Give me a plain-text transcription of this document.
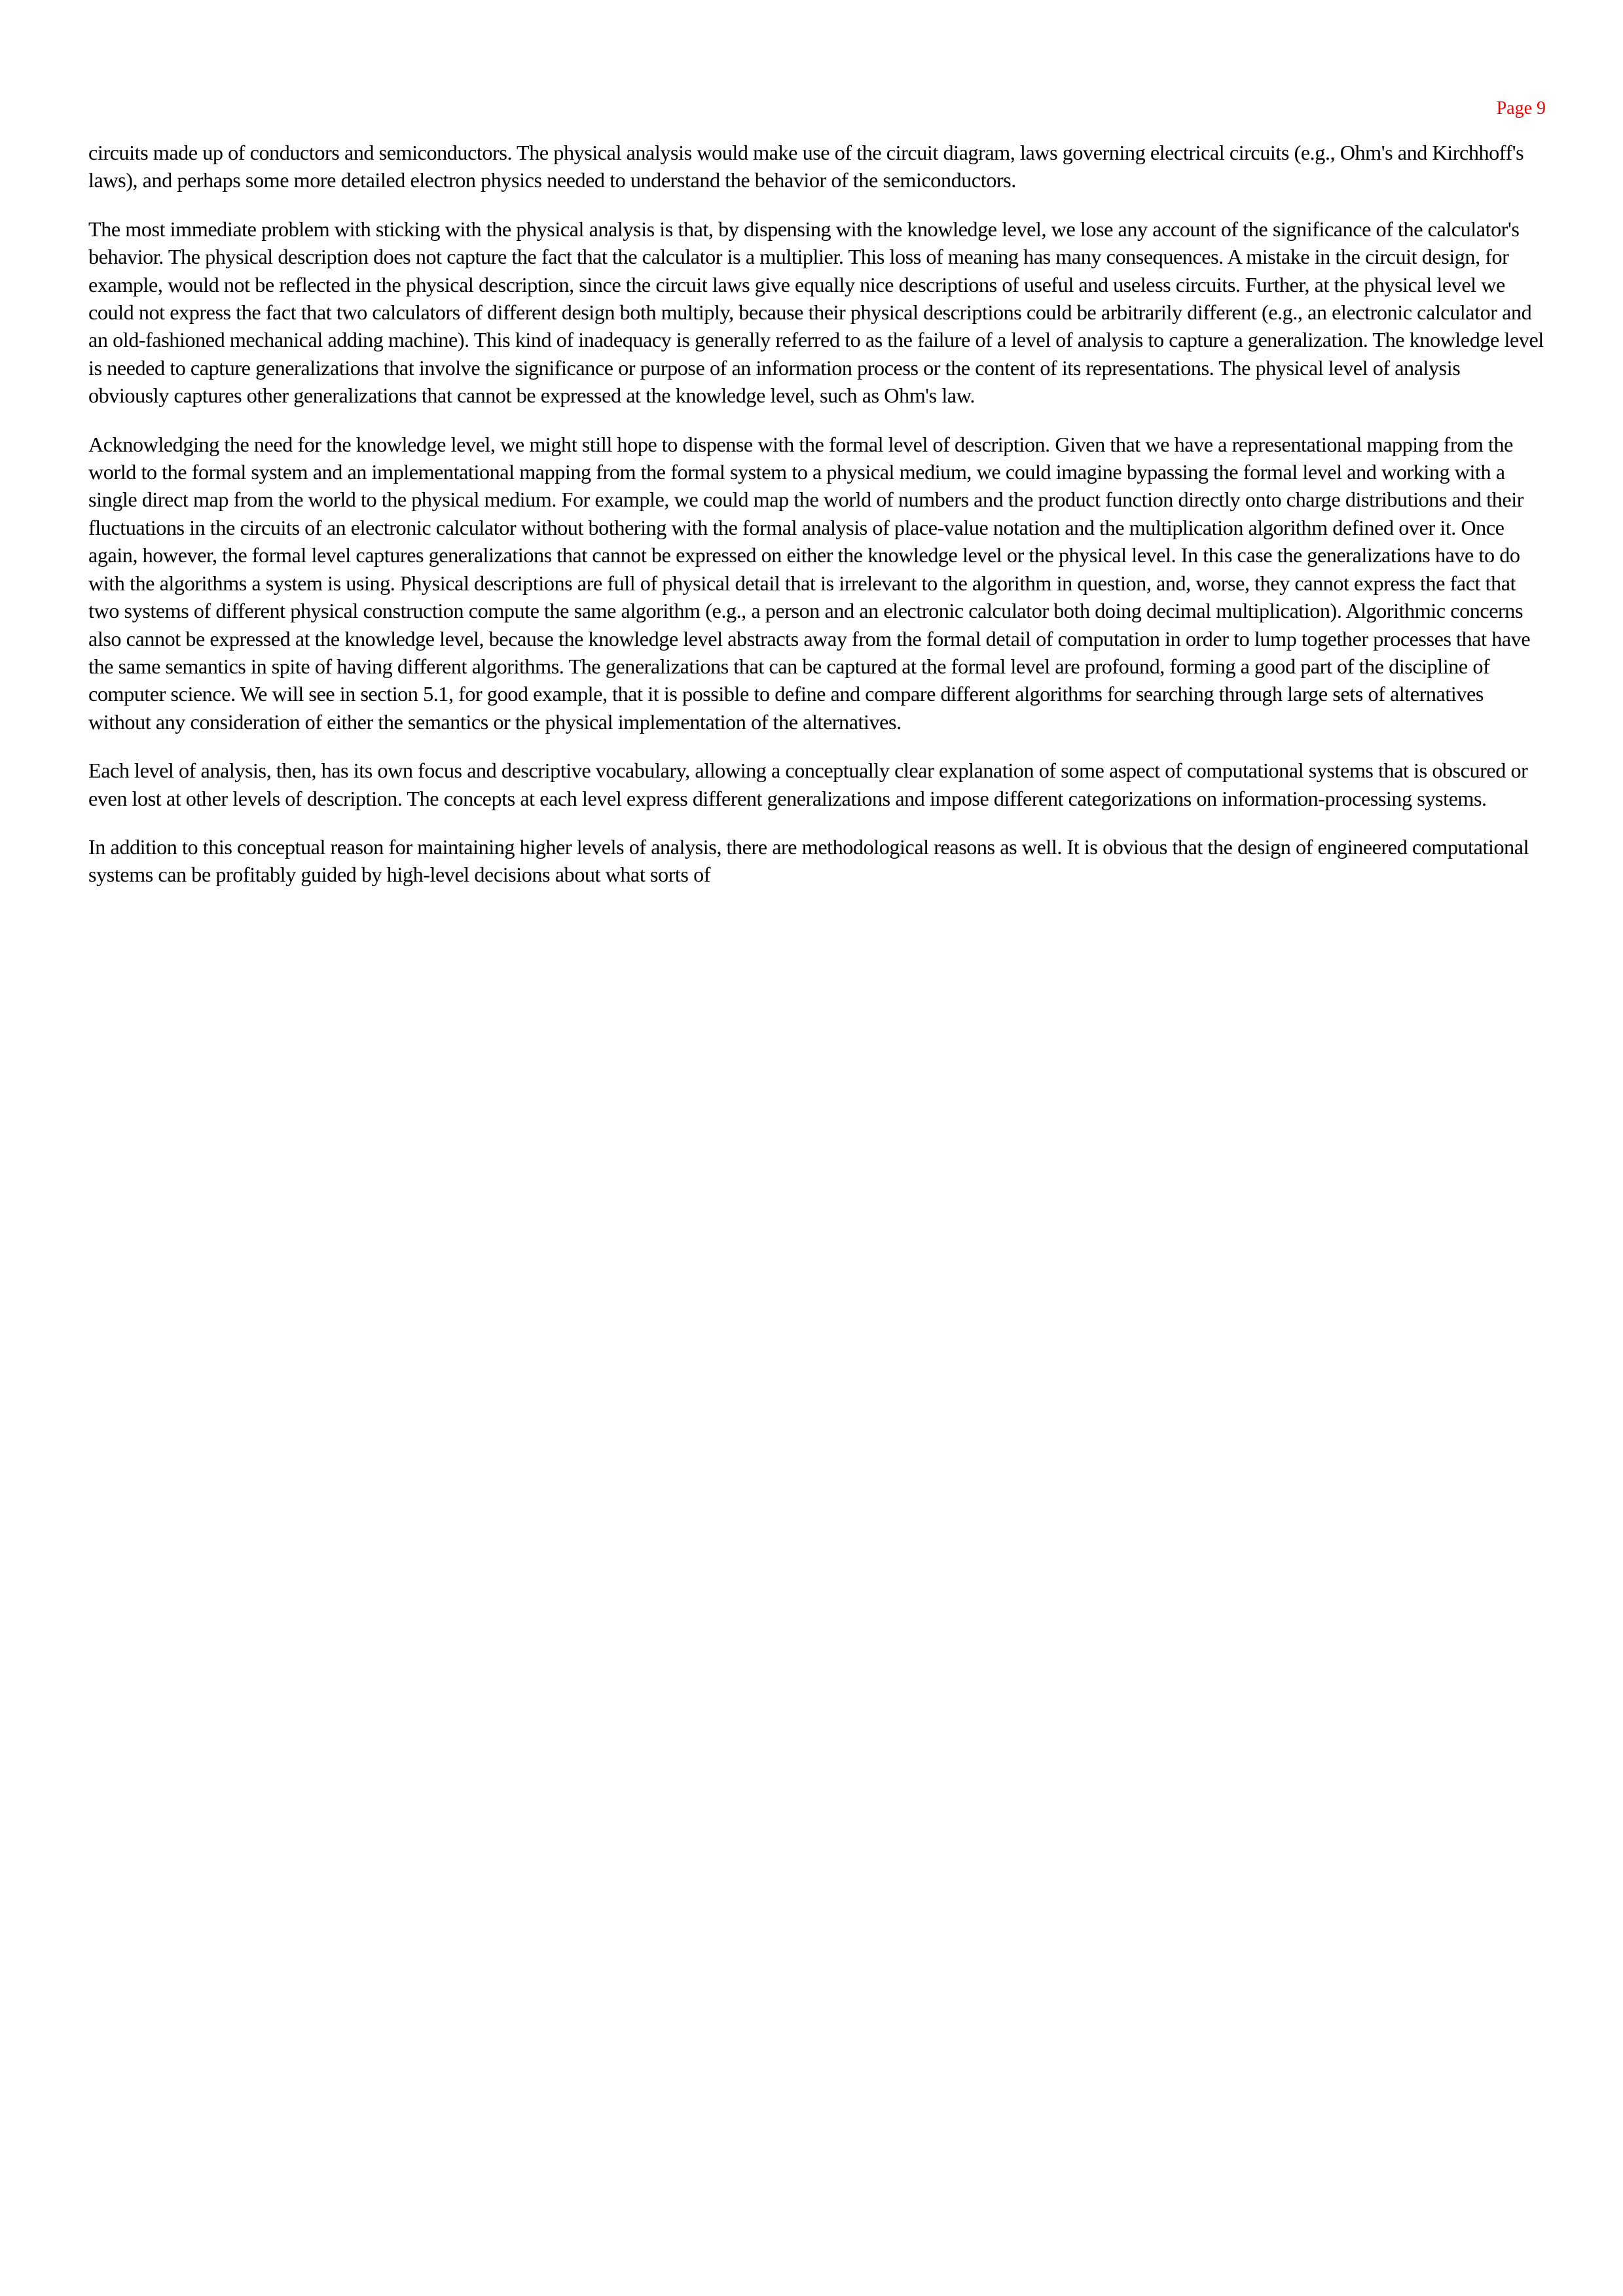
Page 9

circuits made up of conductors and semiconductors. The physical analysis would make use of the circuit diagram, laws governing electrical circuits (e.g., Ohm's and Kirchhoff's laws), and perhaps some more detailed electron physics needed to understand the behavior of the semiconductors.

The most immediate problem with sticking with the physical analysis is that, by dispensing with the knowledge level, we lose any account of the significance of the calculator's behavior. The physical description does not capture the fact that the calculator is a multiplier. This loss of meaning has many consequences. A mistake in the circuit design, for example, would not be reflected in the physical description, since the circuit laws give equally nice descriptions of useful and useless circuits. Further, at the physical level we could not express the fact that two calculators of different design both multiply, because their physical descriptions could be arbitrarily different (e.g., an electronic calculator and an old-fashioned mechanical adding machine). This kind of inadequacy is generally referred to as the failure of a level of analysis to capture a generalization. The knowledge level is needed to capture generalizations that involve the significance or purpose of an information process or the content of its representations. The physical level of analysis obviously captures other generalizations that cannot be expressed at the knowledge level, such as Ohm's law.

Acknowledging the need for the knowledge level, we might still hope to dispense with the formal level of description. Given that we have a representational mapping from the world to the formal system and an implementational mapping from the formal system to a physical medium, we could imagine bypassing the formal level and working with a single direct map from the world to the physical medium. For example, we could map the world of numbers and the product function directly onto charge distributions and their fluctuations in the circuits of an electronic calculator without bothering with the formal analysis of place-value notation and the multiplication algorithm defined over it. Once again, however, the formal level captures generalizations that cannot be expressed on either the knowledge level or the physical level. In this case the generalizations have to do with the algorithms a system is using. Physical descriptions are full of physical detail that is irrelevant to the algorithm in question, and, worse, they cannot express the fact that two systems of different physical construction compute the same algorithm (e.g., a person and an electronic calculator both doing decimal multiplication). Algorithmic concerns also cannot be expressed at the knowledge level, because the knowledge level abstracts away from the formal detail of computation in order to lump together processes that have the same semantics in spite of having different algorithms. The generalizations that can be captured at the formal level are profound, forming a good part of the discipline of computer science. We will see in section 5.1, for good example, that it is possible to define and compare different algorithms for searching through large sets of alternatives without any consideration of either the semantics or the physical implementation of the alternatives.

Each level of analysis, then, has its own focus and descriptive vocabulary, allowing a conceptually clear explanation of some aspect of computational systems that is obscured or even lost at other levels of description. The concepts at each level express different generalizations and impose different categorizations on information-processing systems.

In addition to this conceptual reason for maintaining higher levels of analysis, there are methodological reasons as well. It is obvious that the design of engineered computational systems can be profitably guided by high-level decisions about what sorts of
